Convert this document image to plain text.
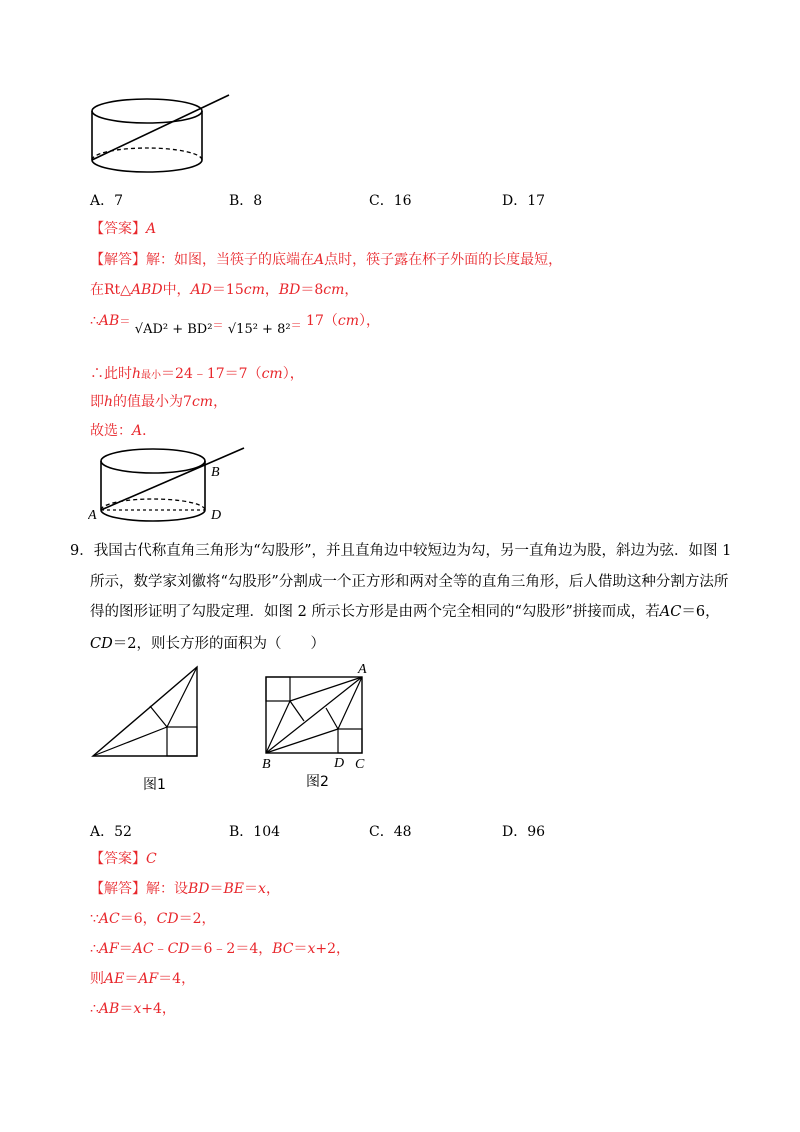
A．7	B．8	C．16	D．17
【答案】A
【解答】解：如图，当筷子的底端在A点时，筷子露在杯子外面的长度最短，
在Rt△ABD中，AD＝15cm，BD＝8cm，
∴AB＝ $√AD^2 + BD^2_=$ $√15^2 + 8^2_=$ 17（cm），
∴此时h最小＝24﹣17＝7（cm），
即h的值最小为7cm，
故选：A．
A
B
D
9．我国古代称直角三角形为“勾股形”，并且直角边中较短边为勾，另一直角边为股，斜边为弦．如图 1
所示，数学家刘徽将“勾股形”分割成一个正方形和两对全等的直角三角形，后人借助这种分割方法所
得的图形证明了勾股定理．如图 2 所示长方形是由两个完全相同的“勾股形”拼接而成，若AC＝6，
CD＝2，则长方形的面积为（　　）
图1
A
B	D C
图2
A．52	B．104	C．48	D．96
【答案】C
【解答】解：设BD＝BE＝x，
∵AC＝6，CD＝2，
∴AF＝AC﹣CD＝6﹣2＝4，BC＝x+2，
则AE＝AF＝4，
∴AB＝x+4，
